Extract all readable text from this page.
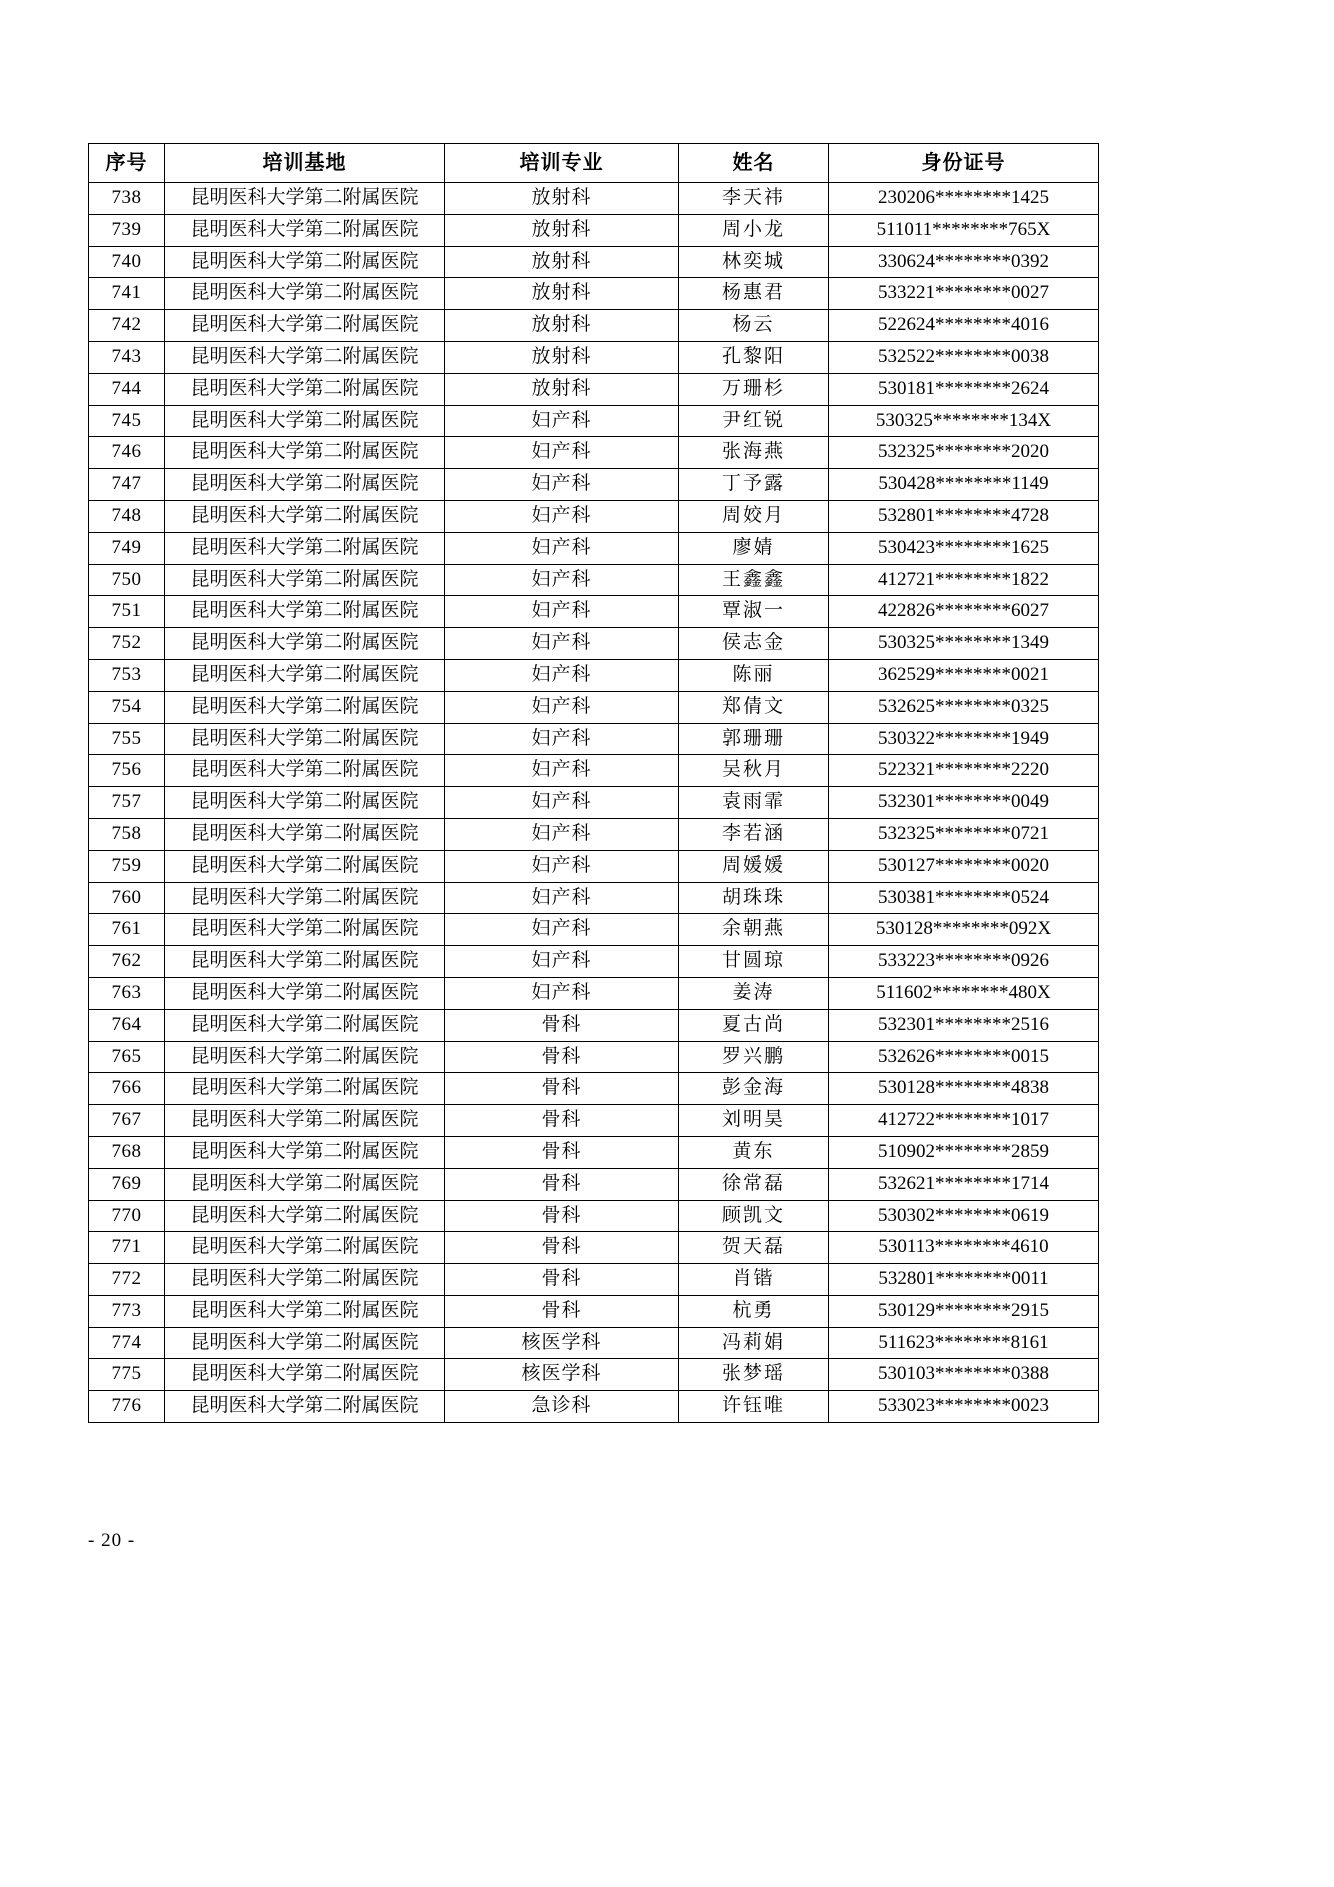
序号	培训基地	培训专业	姓名	身份证号
738	昆明医科大学第二附属医院	放射科	李天祎	230206********1425
739	昆明医科大学第二附属医院	放射科	周小龙	511011********765X
740	昆明医科大学第二附属医院	放射科	林奕城	330624********0392
741	昆明医科大学第二附属医院	放射科	杨惠君	533221********0027
742	昆明医科大学第二附属医院	放射科	杨云	522624********4016
743	昆明医科大学第二附属医院	放射科	孔黎阳	532522********0038
744	昆明医科大学第二附属医院	放射科	万珊杉	530181********2624
745	昆明医科大学第二附属医院	妇产科	尹红锐	530325********134X
746	昆明医科大学第二附属医院	妇产科	张海燕	532325********2020
747	昆明医科大学第二附属医院	妇产科	丁予露	530428********1149
748	昆明医科大学第二附属医院	妇产科	周姣月	532801********4728
749	昆明医科大学第二附属医院	妇产科	廖婧	530423********1625
750	昆明医科大学第二附属医院	妇产科	王鑫鑫	412721********1822
751	昆明医科大学第二附属医院	妇产科	覃淑一	422826********6027
752	昆明医科大学第二附属医院	妇产科	侯志金	530325********1349
753	昆明医科大学第二附属医院	妇产科	陈丽	362529********0021
754	昆明医科大学第二附属医院	妇产科	郑倩文	532625********0325
755	昆明医科大学第二附属医院	妇产科	郭珊珊	530322********1949
756	昆明医科大学第二附属医院	妇产科	吴秋月	522321********2220
757	昆明医科大学第二附属医院	妇产科	袁雨霏	532301********0049
758	昆明医科大学第二附属医院	妇产科	李若涵	532325********0721
759	昆明医科大学第二附属医院	妇产科	周媛媛	530127********0020
760	昆明医科大学第二附属医院	妇产科	胡珠珠	530381********0524
761	昆明医科大学第二附属医院	妇产科	余朝燕	530128********092X
762	昆明医科大学第二附属医院	妇产科	甘圆琼	533223********0926
763	昆明医科大学第二附属医院	妇产科	姜涛	511602********480X
764	昆明医科大学第二附属医院	骨科	夏古尚	532301********2516
765	昆明医科大学第二附属医院	骨科	罗兴鹏	532626********0015
766	昆明医科大学第二附属医院	骨科	彭金海	530128********4838
767	昆明医科大学第二附属医院	骨科	刘明昊	412722********1017
768	昆明医科大学第二附属医院	骨科	黄东	510902********2859
769	昆明医科大学第二附属医院	骨科	徐常磊	532621********1714
770	昆明医科大学第二附属医院	骨科	顾凯文	530302********0619
771	昆明医科大学第二附属医院	骨科	贺天磊	530113********4610
772	昆明医科大学第二附属医院	骨科	肖锴	532801********0011
773	昆明医科大学第二附属医院	骨科	杭勇	530129********2915
774	昆明医科大学第二附属医院	核医学科	冯莉娟	511623********8161
775	昆明医科大学第二附属医院	核医学科	张梦瑶	530103********0388
776	昆明医科大学第二附属医院	急诊科	许钰唯	533023********0023
- 20 -
